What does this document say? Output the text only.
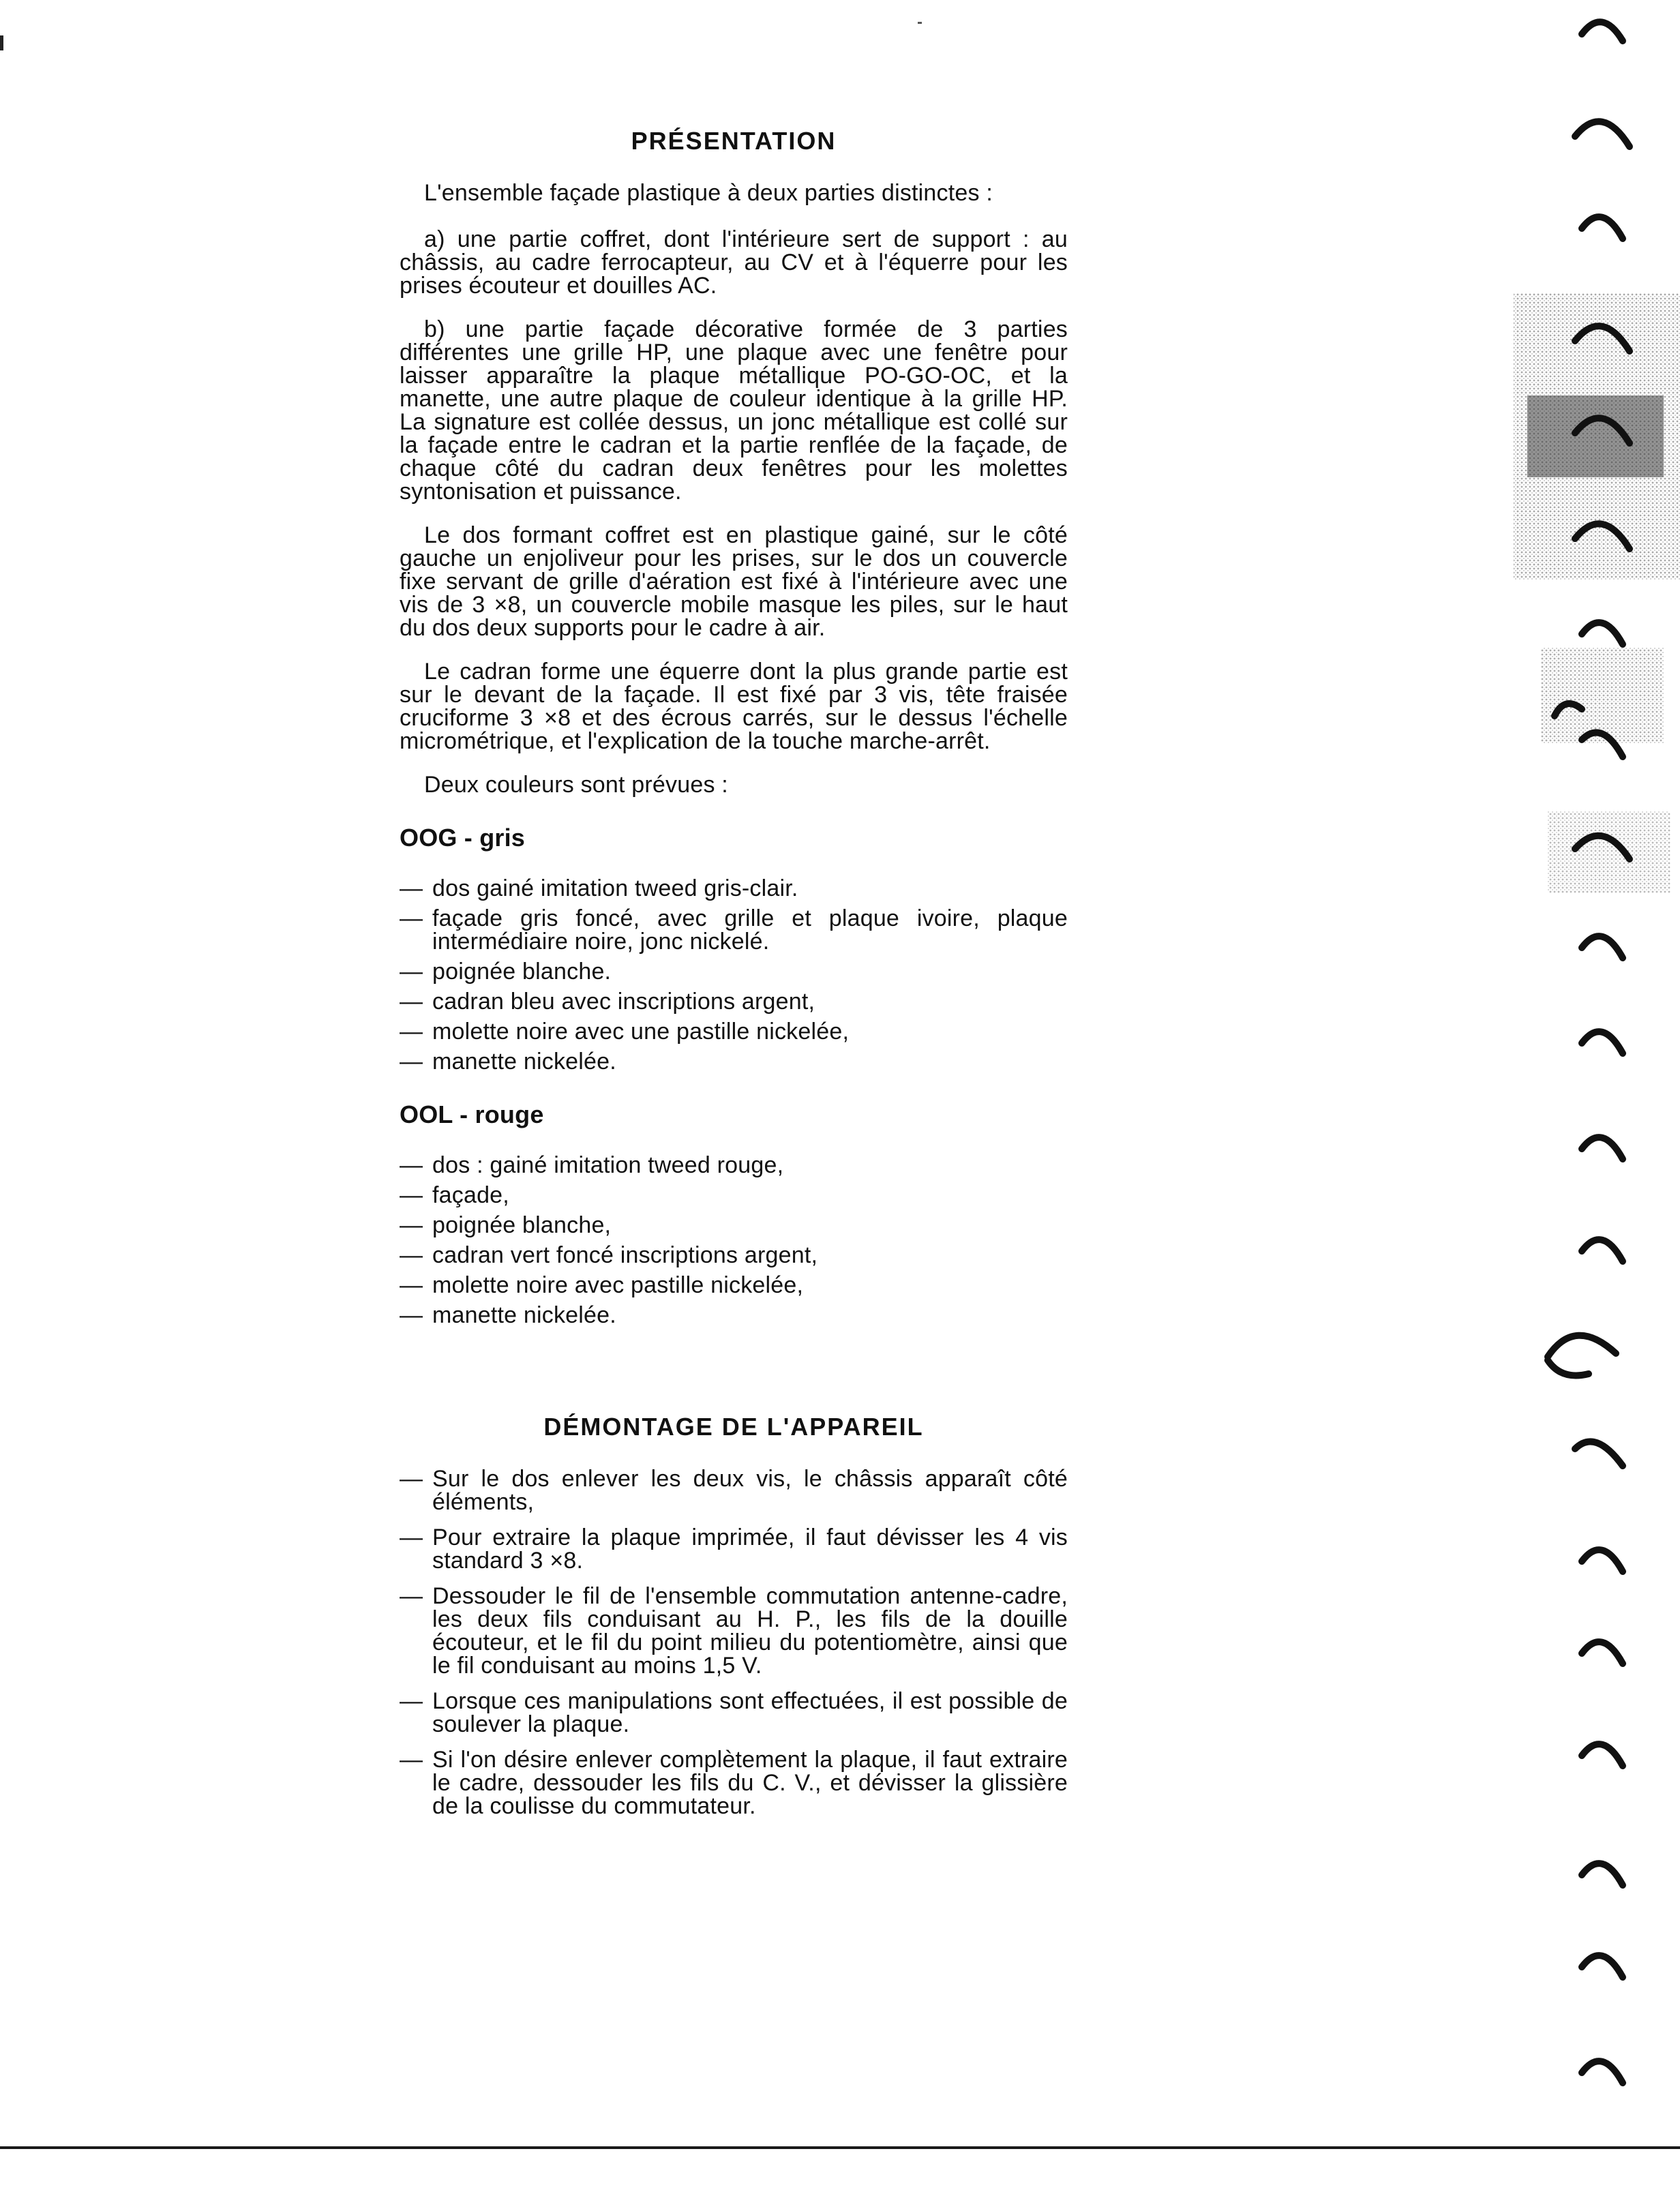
PRÉSENTATION

L'ensemble façade plastique à deux parties distinctes :

a) une partie coffret, dont l'intérieure sert de support : au châssis, au cadre ferrocapteur, au CV et à l'équerre pour les prises écouteur et douilles AC.

b) une partie façade décorative formée de 3 parties différentes une grille HP, une plaque avec une fenêtre pour laisser apparaître la plaque métallique PO-GO-OC, et la manette, une autre plaque de couleur identique à la grille HP. La signature est collée dessus, un jonc métallique est collé sur la façade entre le cadran et la partie renflée de la façade, de chaque côté du cadran deux fenêtres pour les molettes syntonisation et puissance.

Le dos formant coffret est en plastique gainé, sur le côté gauche un enjoliveur pour les prises, sur le dos un couvercle fixe servant de grille d'aération est fixé à l'intérieure avec une vis de 3 ×8, un couvercle mobile masque les piles, sur le haut du dos deux supports pour le cadre à air.

Le cadran forme une équerre dont la plus grande partie est sur le devant de la façade. Il est fixé par 3 vis, tête fraisée cruciforme 3 ×8 et des écrous carrés, sur le dessus l'échelle micrométrique, et l'explication de la touche marche-arrêt.

Deux couleurs sont prévues :

OOG - gris
— dos gainé imitation tweed gris-clair.
— façade gris foncé, avec grille et plaque ivoire, plaque intermédiaire noire, jonc nickelé.
— poignée blanche.
— cadran bleu avec inscriptions argent,
— molette noire avec une pastille nickelée,
— manette nickelée.
OOL - rouge
— dos : gainé imitation tweed rouge,
— façade,
— poignée blanche,
— cadran vert foncé inscriptions argent,
— molette noire avec pastille nickelée,
— manette nickelée.
DÉMONTAGE DE L'APPAREIL
— Sur le dos enlever les deux vis, le châssis apparaît côté éléments,
— Pour extraire la plaque imprimée, il faut dévisser les 4 vis standard 3 ×8.
— Dessouder le fil de l'ensemble commutation antenne-cadre, les deux fils conduisant au H. P., les fils de la douille écouteur, et le fil du point milieu du potentiomètre, ainsi que le fil conduisant au moins 1,5 V.
— Lorsque ces manipulations sont effectuées, il est possible de soulever la plaque.
— Si l'on désire enlever complètement la plaque, il faut extraire le cadre, dessouder les fils du C. V., et dévisser la glissière de la coulisse du commutateur.
